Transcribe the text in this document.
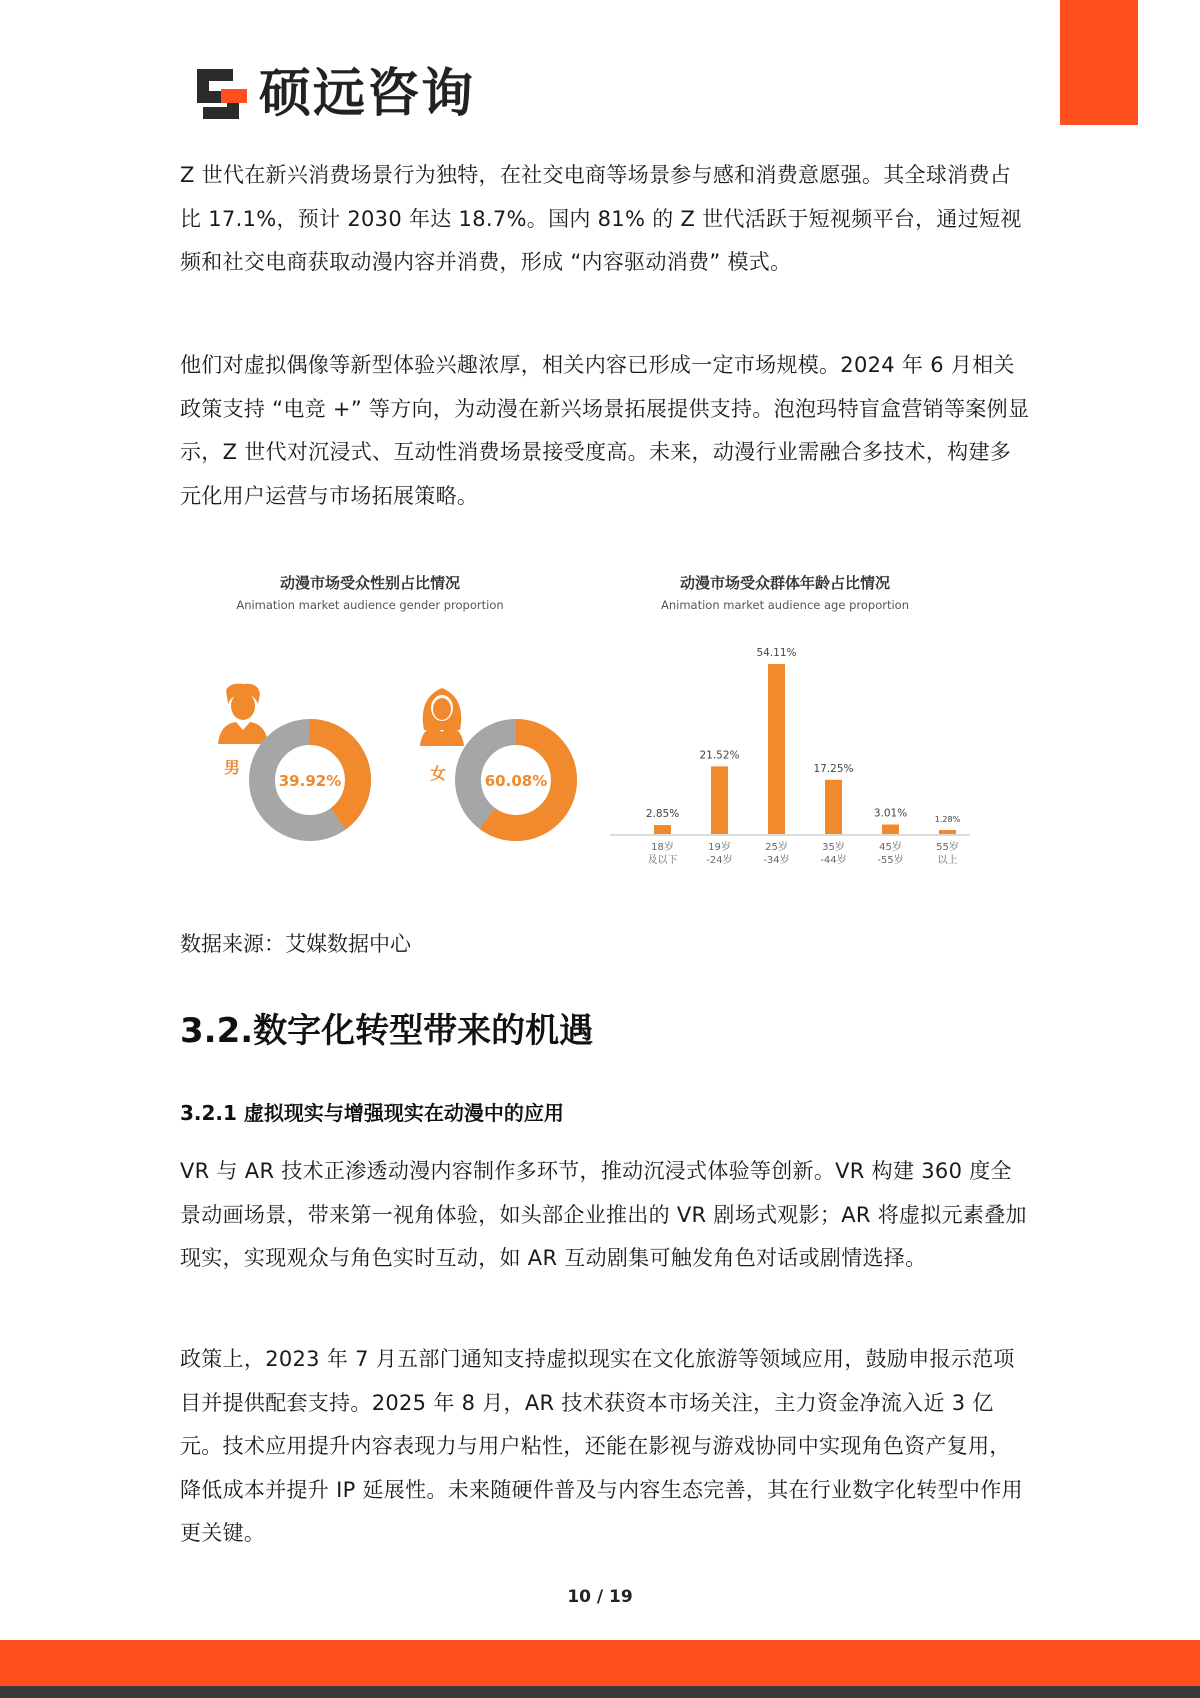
硕远咨询

Z 世代在新兴消费场景行为独特，在社交电商等场景参与感和消费意愿强。其全球消费占比 17.1%，预计 2030 年达 18.7%。国内 81% 的 Z 世代活跃于短视频平台，通过短视频和社交电商获取动漫内容并消费，形成 “内容驱动消费” 模式。

他们对虚拟偶像等新型体验兴趣浓厚，相关内容已形成一定市场规模。2024 年 6 月相关政策支持 “电竞 +” 等方向，为动漫在新兴场景拓展提供支持。泡泡玛特盲盒营销等案例显示，Z 世代对沉浸式、互动性消费场景接受度高。未来，动漫行业需融合多技术，构建多元化用户运营与市场拓展策略。

动漫市场受众性别占比情况
Animation market audience gender proportion
动漫市场受众群体年龄占比情况
Animation market audience age proportion
男	女
39.92%	60.08%
2.85%
18岁
及以下
21.52%
19岁
-24岁
54.11%
25岁
-34岁
17.25%
35岁
-44岁
3.01%
45岁
-55岁
1.28%
55岁
以上
数据来源：艾媒数据中心
3.2.数字化转型带来的机遇
3.2.1 虚拟现实与增强现实在动漫中的应用

VR 与 AR 技术正渗透动漫内容制作多环节，推动沉浸式体验等创新。VR 构建 360 度全景动画场景，带来第一视角体验，如头部企业推出的 VR 剧场式观影；AR 将虚拟元素叠加现实，实现观众与角色实时互动，如 AR 互动剧集可触发角色对话或剧情选择。

政策上，2023 年 7 月五部门通知支持虚拟现实在文化旅游等领域应用，鼓励申报示范项目并提供配套支持。2025 年 8 月，AR 技术获资本市场关注，主力资金净流入近 3 亿元。技术应用提升内容表现力与用户粘性，还能在影视与游戏协同中实现角色资产复用，降低成本并提升 IP 延展性。未来随硬件普及与内容生态完善，其在行业数字化转型中作用更关键。

10 / 19
